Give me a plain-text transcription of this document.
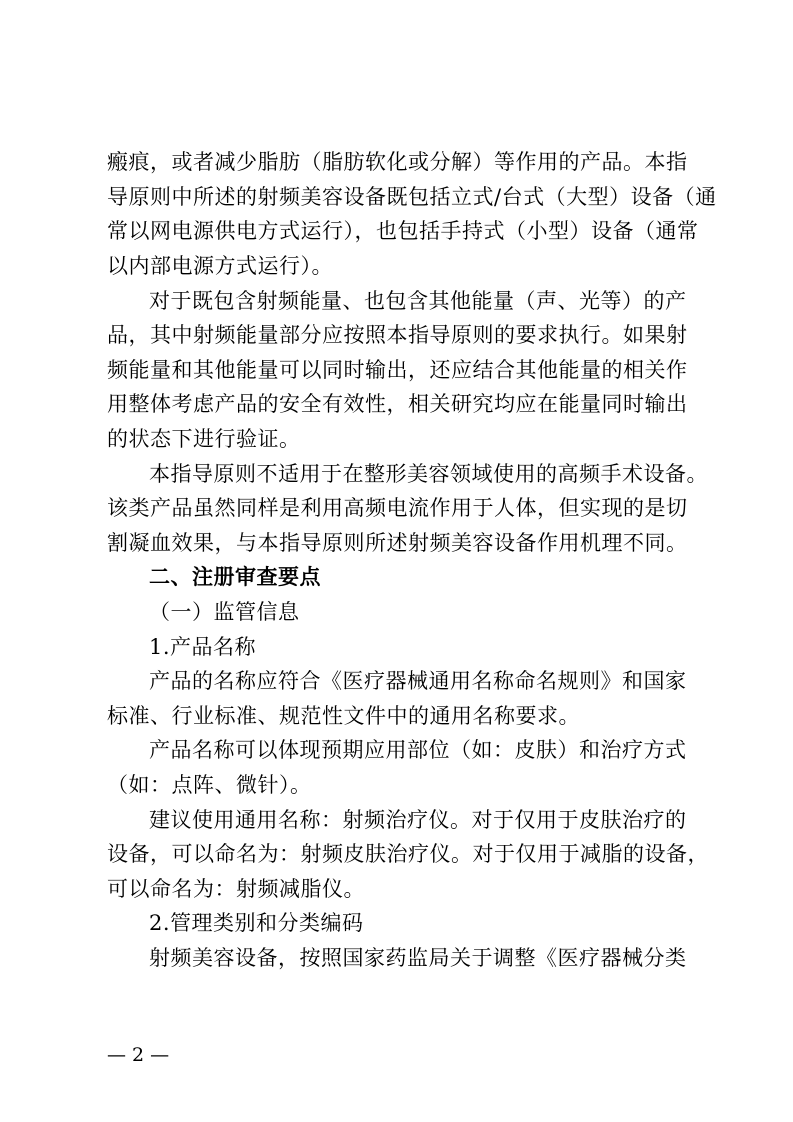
瘢痕，或者减少脂肪（脂肪软化或分解）等作用的产品。本指
导原则中所述的射频美容设备既包括立式/台式（大型）设备（通
常以网电源供电方式运行），也包括手持式（小型）设备（通常
以内部电源方式运行）。
对于既包含射频能量、也包含其他能量（声、光等）的产
品，其中射频能量部分应按照本指导原则的要求执行。如果射
频能量和其他能量可以同时输出，还应结合其他能量的相关作
用整体考虑产品的安全有效性，相关研究均应在能量同时输出
的状态下进行验证。
本指导原则不适用于在整形美容领域使用的高频手术设备。
该类产品虽然同样是利用高频电流作用于人体，但实现的是切
割凝血效果，与本指导原则所述射频美容设备作用机理不同。
二、注册审查要点
（一）监管信息
1.产品名称
产品的名称应符合《医疗器械通用名称命名规则》和国家
标准、行业标准、规范性文件中的通用名称要求。
产品名称可以体现预期应用部位（如：皮肤）和治疗方式
（如：点阵、微针）。
建议使用通用名称：射频治疗仪。对于仅用于皮肤治疗的
设备，可以命名为：射频皮肤治疗仪。对于仅用于减脂的设备，
可以命名为：射频减脂仪。
2.管理类别和分类编码
射频美容设备，按照国家药监局关于调整《医疗器械分类
— 2 —
